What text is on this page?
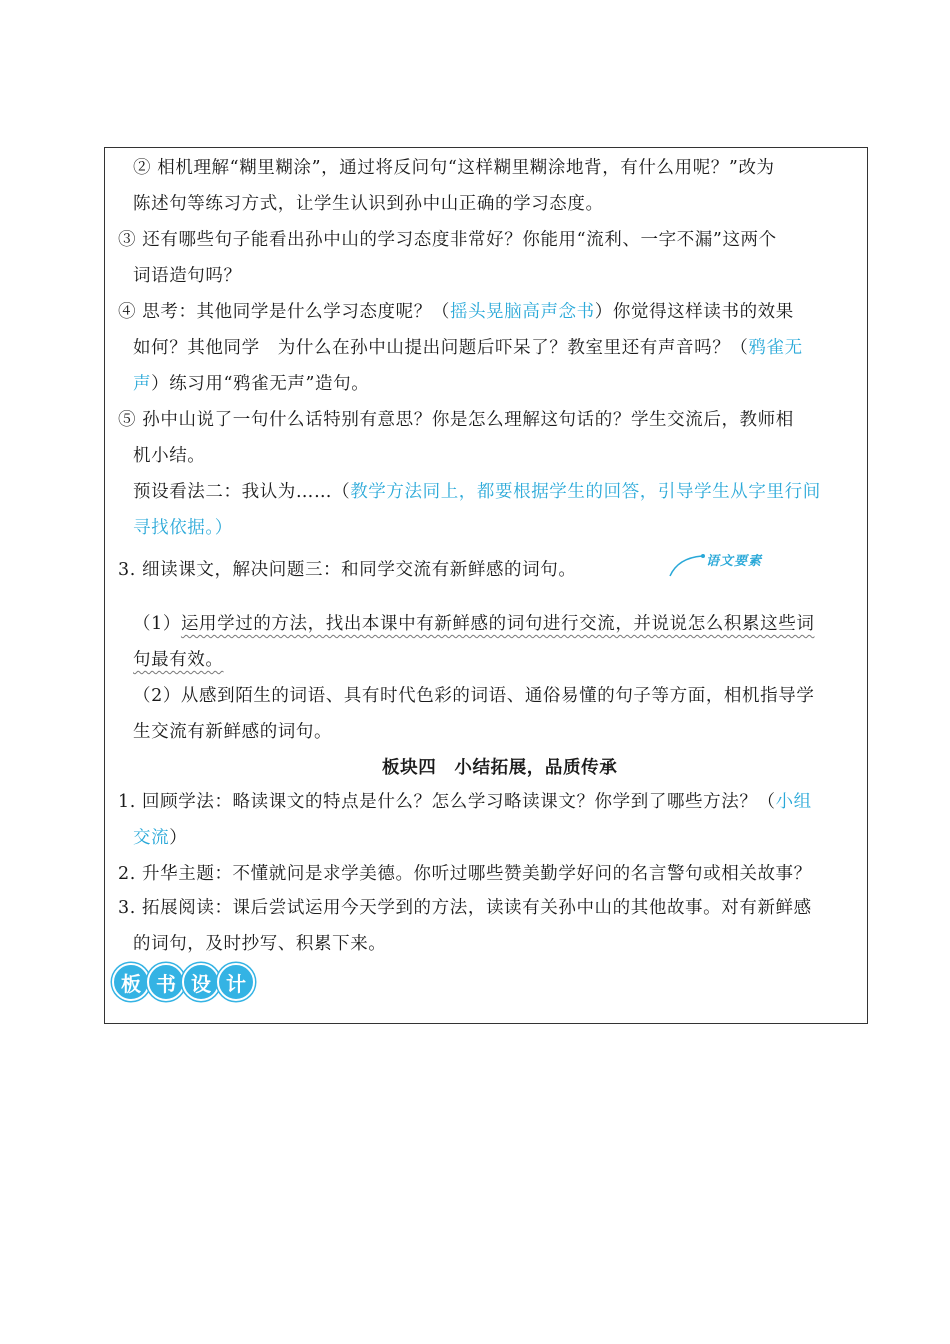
② 相机理解“糊里糊涂”，通过将反问句“这样糊里糊涂地背，有什么用呢？”改为
陈述句等练习方式，让学生认识到孙中山正确的学习态度。
③ 还有哪些句子能看出孙中山的学习态度非常好？你能用“流利、一字不漏”这两个
词语造句吗？
④ 思考：其他同学是什么学习态度呢？（摇头晃脑高声念书）你觉得这样读书的效果
如何？其他同学　为什么在孙中山提出问题后吓呆了？教室里还有声音吗？（鸦雀无
声）练习用“鸦雀无声”造句。
⑤ 孙中山说了一句什么话特别有意思？你是怎么理解这句话的？学生交流后，教师相
机小结。
预设看法二：我认为……（教学方法同上，都要根据学生的回答，引导学生从字里行间
寻找依据。）
3. 细读课文，解决问题三：和同学交流有新鲜感的词句。
（1）运用学过的方法，找出本课中有新鲜感的词句进行交流，并说说怎么积累这些词
句最有效。
（2）从感到陌生的词语、具有时代色彩的词语、通俗易懂的句子等方面，相机指导学
生交流有新鲜感的词句。
板块四　小结拓展，品质传承
1. 回顾学法：略读课文的特点是什么？怎么学习略读课文？你学到了哪些方法？（小组
交流）
2. 升华主题：不懂就问是求学美德。你听过哪些赞美勤学好问的名言警句或相关故事？
3. 拓展阅读：课后尝试运用今天学到的方法，读读有关孙中山的其他故事。对有新鲜感
的词句，及时抄写、积累下来。
语文要素
板 书 设 计
